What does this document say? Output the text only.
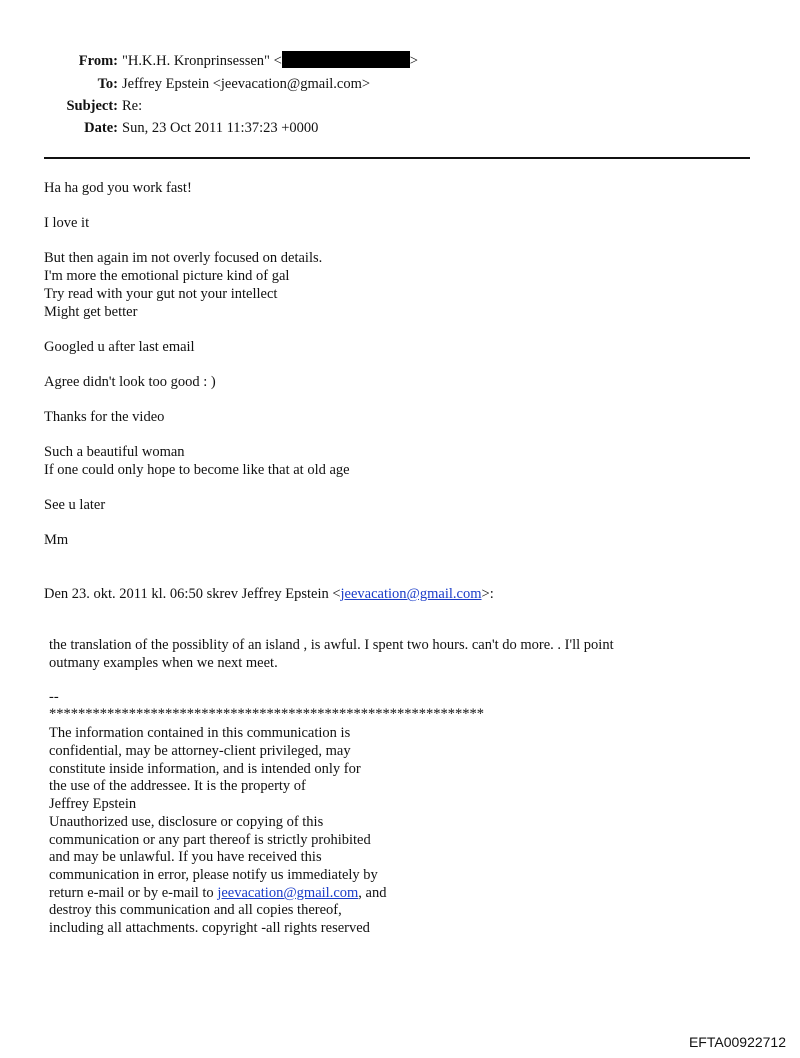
From: "H.K.H. Kronprinsessen" <	>
To: Jeffrey Epstein <jeevacation@gmail.com>
Subject: Re:
Date: Sun, 23 Oct 2011 11:37:23 +0000
Ha ha god you work fast!
I love it
But then again im not overly focused on details.
I'm more the emotional picture kind of gal
Try read with your gut not your intellect
Might get better
Googled u after last email
Agree didn't look too good : )
Thanks for the video
Such a beautiful woman
If one could only hope to become like that at old age
See u later
Mm
Den 23. okt. 2011 kl. 06:50 skrev Jeffrey Epstein <jeevacation@gmail.com>:
the translation of the possiblity of an island , is awful. I spent two hours. can't do more. . I'll point
outmany examples when we next meet.
--
************************************************************
The information contained in this communication is
confidential, may be attorney-client privileged, may
constitute inside information, and is intended only for
the use of the addressee. It is the property of
Jeffrey Epstein
Unauthorized use, disclosure or copying of this
communication or any part thereof is strictly prohibited
and may be unlawful. If you have received this
communication in error, please notify us immediately by
return e-mail or by e-mail to jeevacation@gmail.com, and
destroy this communication and all copies thereof,
including all attachments. copyright -all rights reserved
EFTA00922712
